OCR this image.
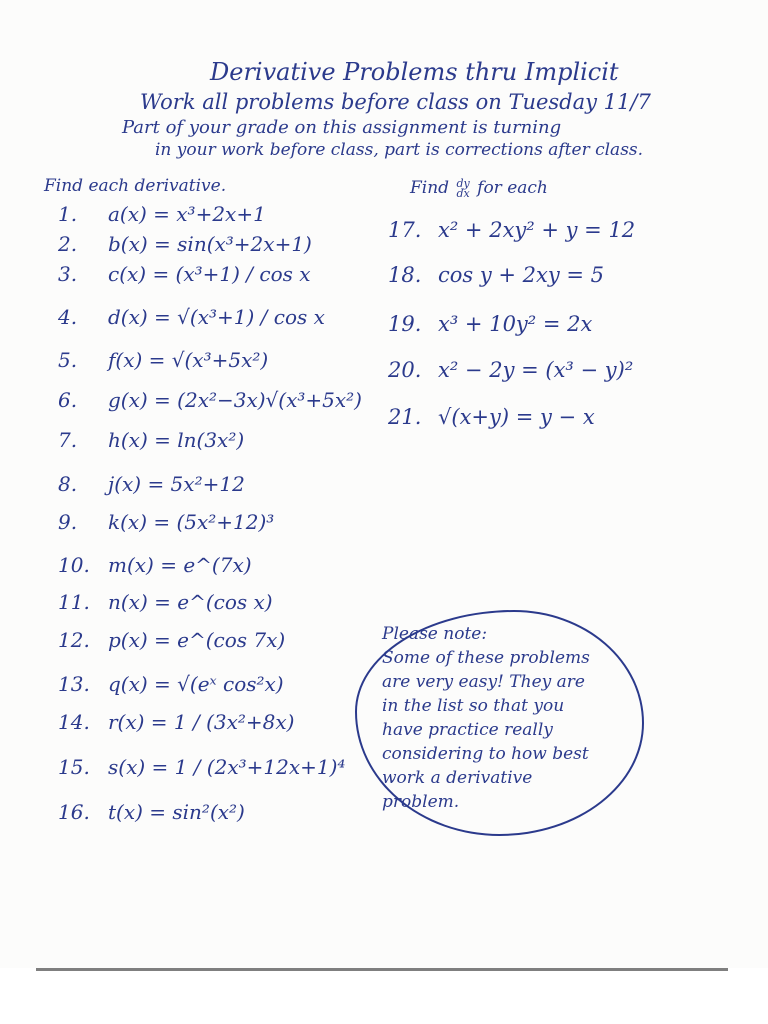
Derivative Problems thru Implicit
Work all problems before class on Tuesday 11/7
Part of your grade on this assignment is turning
in your work before class, part is corrections after class.
Find each derivative.	Find dy
dx for each
1. a(x) = x³+2x+1
2. b(x) = sin(x³+2x+1)
3. c(x) = (x³+1) / cos x
4. d(x) = √(x³+1) / cos x
5. f(x) = √(x³+5x²)
6. g(x) = (2x²−3x)√(x³+5x²)
7. h(x) = ln(3x²)
8. j(x) = 5x²+12
9. k(x) = (5x²+12)³
10. m(x) = e^(7x)
11. n(x) = e^(cos x)
12. p(x) = e^(cos 7x)
13. q(x) = √(eˣ cos²x)
14. r(x) = 1 / (3x²+8x)
15. s(x) = 1 / (2x³+12x+1)⁴
16. t(x) = sin²(x²)
17. x² + 2xy² + y = 12
18. cos y + 2xy = 5
19. x³ + 10y² = 2x
20. x² − 2y = (x³ − y)²
21. √(x+y) = y − x
Please note:
Some of these problems
are very easy! They are
in the list so that you
have practice really
considering to how best
work a derivative
problem.
